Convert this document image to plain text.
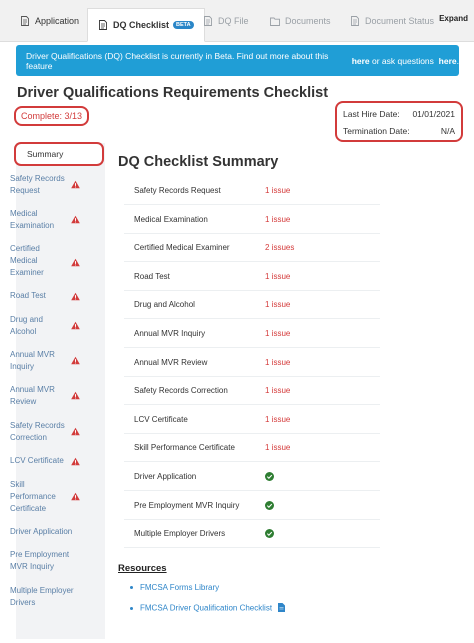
Application	DQ Checklist	BETA	DQ File	Documents	Document Status Expand
Driver Qualifications (DQ) Checklist is currently in Beta. Find out more about this feature
	here or ask questions
here .
Driver Qualifications Requirements Checklist
Complete: 3/13	Last Hire Date: 01/01/2021
Termination Date:	N/A
Summary
Safety Records Request
Medical Examination
Certified Medical Examiner
Road Test
Drug and Alcohol
Annual MVR Inquiry
Annual MVR Review
Safety Records Correction
LCV Certificate
Skill Performance Certificate
Driver Application
Pre Employment MVR Inquiry
Multiple Employer Drivers
DQ Checklist Summary
Safety Records Request	1 issue
Medical Examination	1 issue
Certified Medical Examiner	2 issues
Road Test	1 issue
Drug and Alcohol	1 issue
Annual MVR Inquiry	1 issue
Annual MVR Review	1 issue
Safety Records Correction	1 issue
LCV Certificate	1 issue
Skill Performance Certificate	1 issue
Driver Application
Pre Employment MVR Inquiry
Multiple Employer Drivers
Resources
FMCSA Forms Library
FMCSA Driver Qualification Checklist
